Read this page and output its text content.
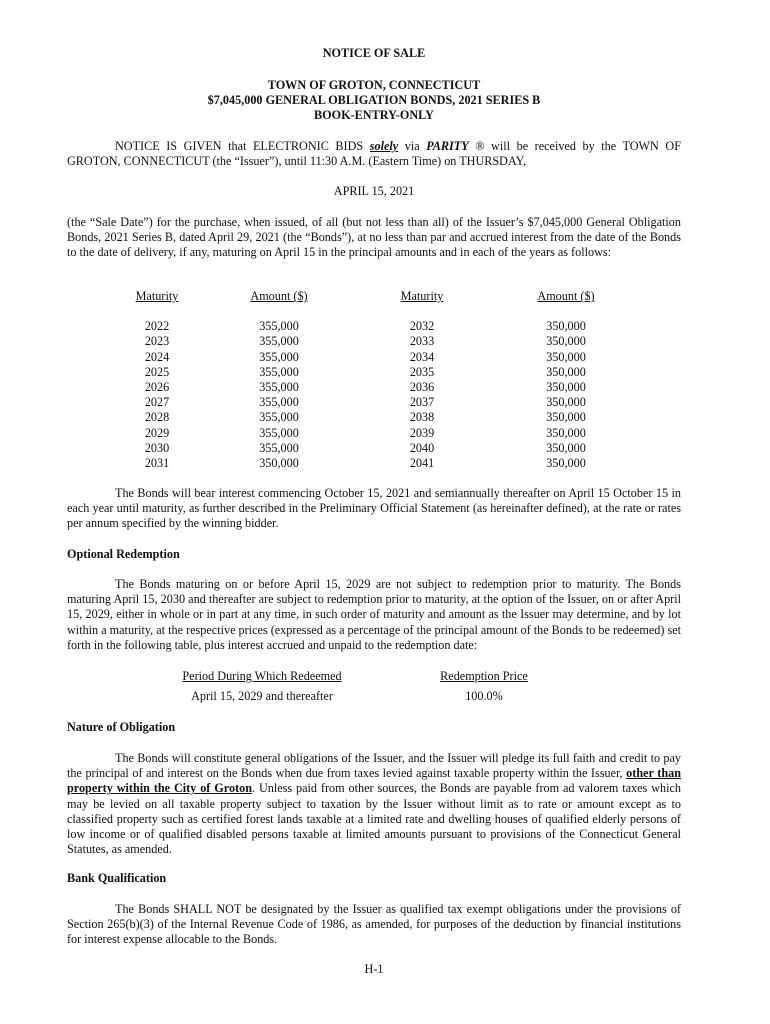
NOTICE OF SALE
TOWN OF GROTON, CONNECTICUT
$7,045,000 GENERAL OBLIGATION BONDS, 2021 SERIES B
BOOK-ENTRY-ONLY
NOTICE IS GIVEN that ELECTRONIC BIDS solely via PARITY ® will be received by the TOWN OF GROTON, CONNECTICUT (the “Issuer”), until 11:30 A.M. (Eastern Time) on THURSDAY,
APRIL 15, 2021
(the “Sale Date”) for the purchase, when issued, of all (but not less than all) of the Issuer’s $7,045,000 General Obligation Bonds, 2021 Series B, dated April 29, 2021 (the “Bonds”), at no less than par and accrued interest from the date of the Bonds to the date of delivery, if any, maturing on April 15 in the principal amounts and in each of the years as follows:
Maturity
2022
2023
2024
2025
2026
2027
2028
2029
2030
2031
Amount ($)
355,000
355,000
355,000
355,000
355,000
355,000
355,000
355,000
355,000
350,000
Maturity
2032
2033
2034
2035
2036
2037
2038
2039
2040
2041
Amount ($)
350,000
350,000
350,000
350,000
350,000
350,000
350,000
350,000
350,000
350,000
The Bonds will bear interest commencing October 15, 2021 and semiannually thereafter on April 15 October 15 in each year until maturity, as further described in the Preliminary Official Statement (as hereinafter defined), at the rate or rates per annum specified by the winning bidder.
Optional Redemption
The Bonds maturing on or before April 15, 2029 are not subject to redemption prior to maturity. The Bonds maturing April 15, 2030 and thereafter are subject to redemption prior to maturity, at the option of the Issuer, on or after April 15, 2029, either in whole or in part at any time, in such order of maturity and amount as the Issuer may determine, and by lot within a maturity, at the respective prices (expressed as a percentage of the principal amount of the Bonds to be redeemed) set forth in the following table, plus interest accrued and unpaid to the redemption date:
Period During Which Redeemed	Redemption Price
April 15, 2029 and thereafter	100.0%
Nature of Obligation
The Bonds will constitute general obligations of the Issuer, and the Issuer will pledge its full faith and credit to pay the principal of and interest on the Bonds when due from taxes levied against taxable property within the Issuer, other than property within the City of Groton. Unless paid from other sources, the Bonds are payable from ad valorem taxes which may be levied on all taxable property subject to taxation by the Issuer without limit as to rate or amount except as to classified property such as certified forest lands taxable at a limited rate and dwelling houses of qualified elderly persons of low income or of qualified disabled persons taxable at limited amounts pursuant to provisions of the Connecticut General Statutes, as amended.
Bank Qualification
The Bonds SHALL NOT be designated by the Issuer as qualified tax exempt obligations under the provisions of Section 265(b)(3) of the Internal Revenue Code of 1986, as amended, for purposes of the deduction by financial institutions for interest expense allocable to the Bonds.
H-1
